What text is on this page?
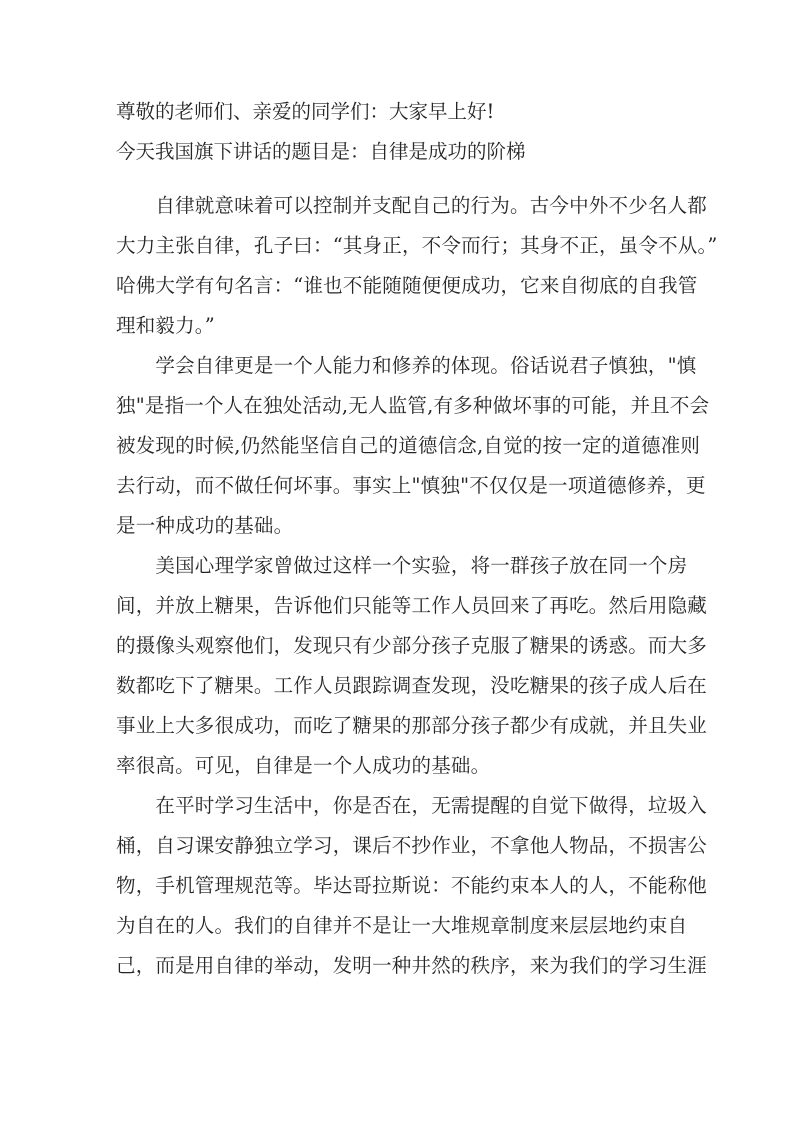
尊敬的老师们、亲爱的同学们：大家早上好!
今天我国旗下讲话的题目是：自律是成功的阶梯
　　自律就意味着可以控制并支配自己的行为。古今中外不少名人都
大力主张自律，孔子曰：“其身正，不令而行；其身不正，虽令不从。”
哈佛大学有句名言：“谁也不能随随便便成功，它来自彻底的自我管
理和毅力。”
　　学会自律更是一个人能力和修养的体现。俗话说君子慎独，"慎
独"是指一个人在独处活动,无人监管,有多种做坏事的可能，并且不会
被发现的时候,仍然能坚信自己的道德信念,自觉的按一定的道德准则
去行动，而不做任何坏事。事实上"慎独"不仅仅是一项道德修养，更
是一种成功的基础。
　　美国心理学家曾做过这样一个实验，将一群孩子放在同一个房
间，并放上糖果，告诉他们只能等工作人员回来了再吃。然后用隐藏
的摄像头观察他们，发现只有少部分孩子克服了糖果的诱惑。而大多
数都吃下了糖果。工作人员跟踪调查发现，没吃糖果的孩子成人后在
事业上大多很成功，而吃了糖果的那部分孩子都少有成就，并且失业
率很高。可见，自律是一个人成功的基础。
　　在平时学习生活中，你是否在，无需提醒的自觉下做得，垃圾入
桶，自习课安静独立学习，课后不抄作业，不拿他人物品，不损害公
物，手机管理规范等。毕达哥拉斯说：不能约束本人的人，不能称他
为自在的人。我们的自律并不是让一大堆规章制度来层层地约束自
己，而是用自律的举动，发明一种井然的秩序，来为我们的学习生涯
